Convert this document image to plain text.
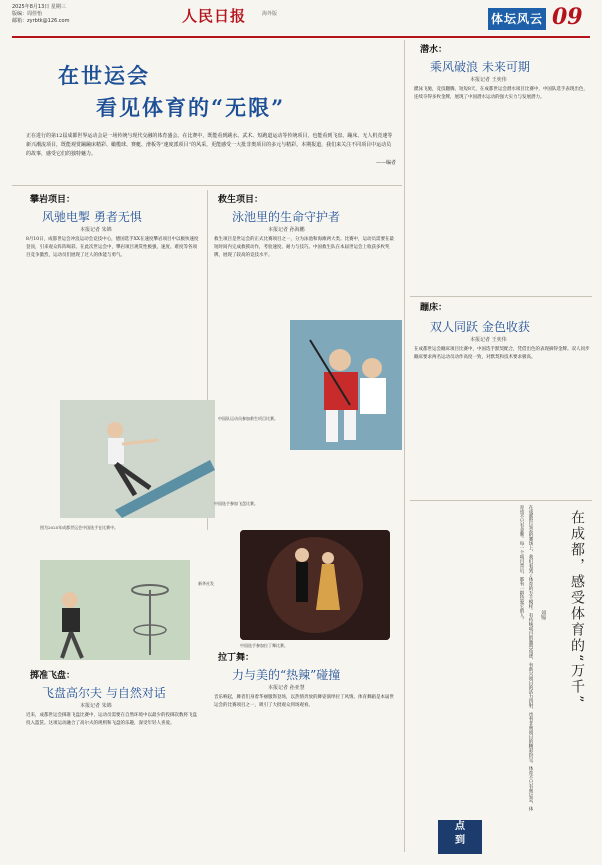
2025年8月13日 星期三
版编：周佳怡
邮箱：zyrbtk@126.com	人民日报	海外版	体坛风云 09
在世运会
看见体育的“无限”
正在进行的第12届成都世界运动会是一场传统与现代交融的体育盛会。在比赛中，既能看到跳水、武术、短跑道运动等传统项目，也能看到飞盘、蹦床、无人机竞速等新兴潮流项目，既能观赏蹦蹦床精彩、橄榄球、赛艇、滑板等“速度派项目”的风采，更能感受一大批非奥项目的多元与精彩。本期报道，我们来关注不同项目中运动员的故事，感受它们的独特魅力。
——编者
攀岩项目：
风驰电掣 勇者无惧
本报记者 朱锦
8月10日，成都世运会冲浪运动会竞技中心，德国选手XX在速度攀岩项目中以极快速度登顶，引来观众阵阵喝彩。在此次世运会中，攀岩项目观赏性极强，速度、难度等各项目竞争激烈，运动员们展现了过人的体能与勇气。
救生项目：
泳池里的生命守护者
本报记者 孙海鹏
救生项目是世运会的正式比赛项目之一，分为泳池和海滩两大类。比赛中，运动员需要在最短时间内完成救援动作，考验速度、耐力与技巧。中国救生队在本届世运会上收获多枚奖牌，展现了较高的竞技水平。
图为2025年成都世运会中国选手在比赛中。
中国队运动员参加救生项目比赛。
新华社发
掷准飞盘：
飞盘高尔夫 与自然对话
本报记者 朱锦
近来，成都世运会掷准飞盘比赛中，运动员需要在自然环境中以最少的投掷次数将飞盘投入篮筐。这项运动融合了高尔夫的规则和飞盘的乐趣，深受年轻人喜爱。
拉丁舞：
力与美的“热辣”碰撞
本报记者 孙亚慧
音乐响起，舞者们身着华丽服饰登场，以热情奔放的舞姿演绎拉丁风情。体育舞蹈是本届世运会的比赛项目之一，吸引了大批观众到场观看。
潜水：
乘风破浪 未来可期
本报记者 王奕伟
蹼泳飞驰，竞技翻腾。短短8天，在成都世运会潜水项目比赛中，中国队选手表现出色，连续夺得多枚金牌，展现了中国潜水运动的强大实力与发展潜力。
蹦床：
双人同跃 金色收获
本报记者 王奕伟
在成都世运会蹦床项目比赛中，中国选手默契配合，凭借出色的表现摘得金牌。双人同步蹦床要求两名运动员动作高度一致，对默契和技术要求极高。
在成都，感受体育的“万千”
刘锦
在成都世运会的赛场上，我们看到了体育的万千模样。有传统项目的激烈角逐，有新兴项目的活力四射，也有非奥项目的精彩纷呈。体育不只有奥运会，体育也不只有金牌。每一个项目背后，都有一群热爱它的人。
点
到
中国选手参加飞盘比赛。
中国选手参加拉丁舞比赛。
